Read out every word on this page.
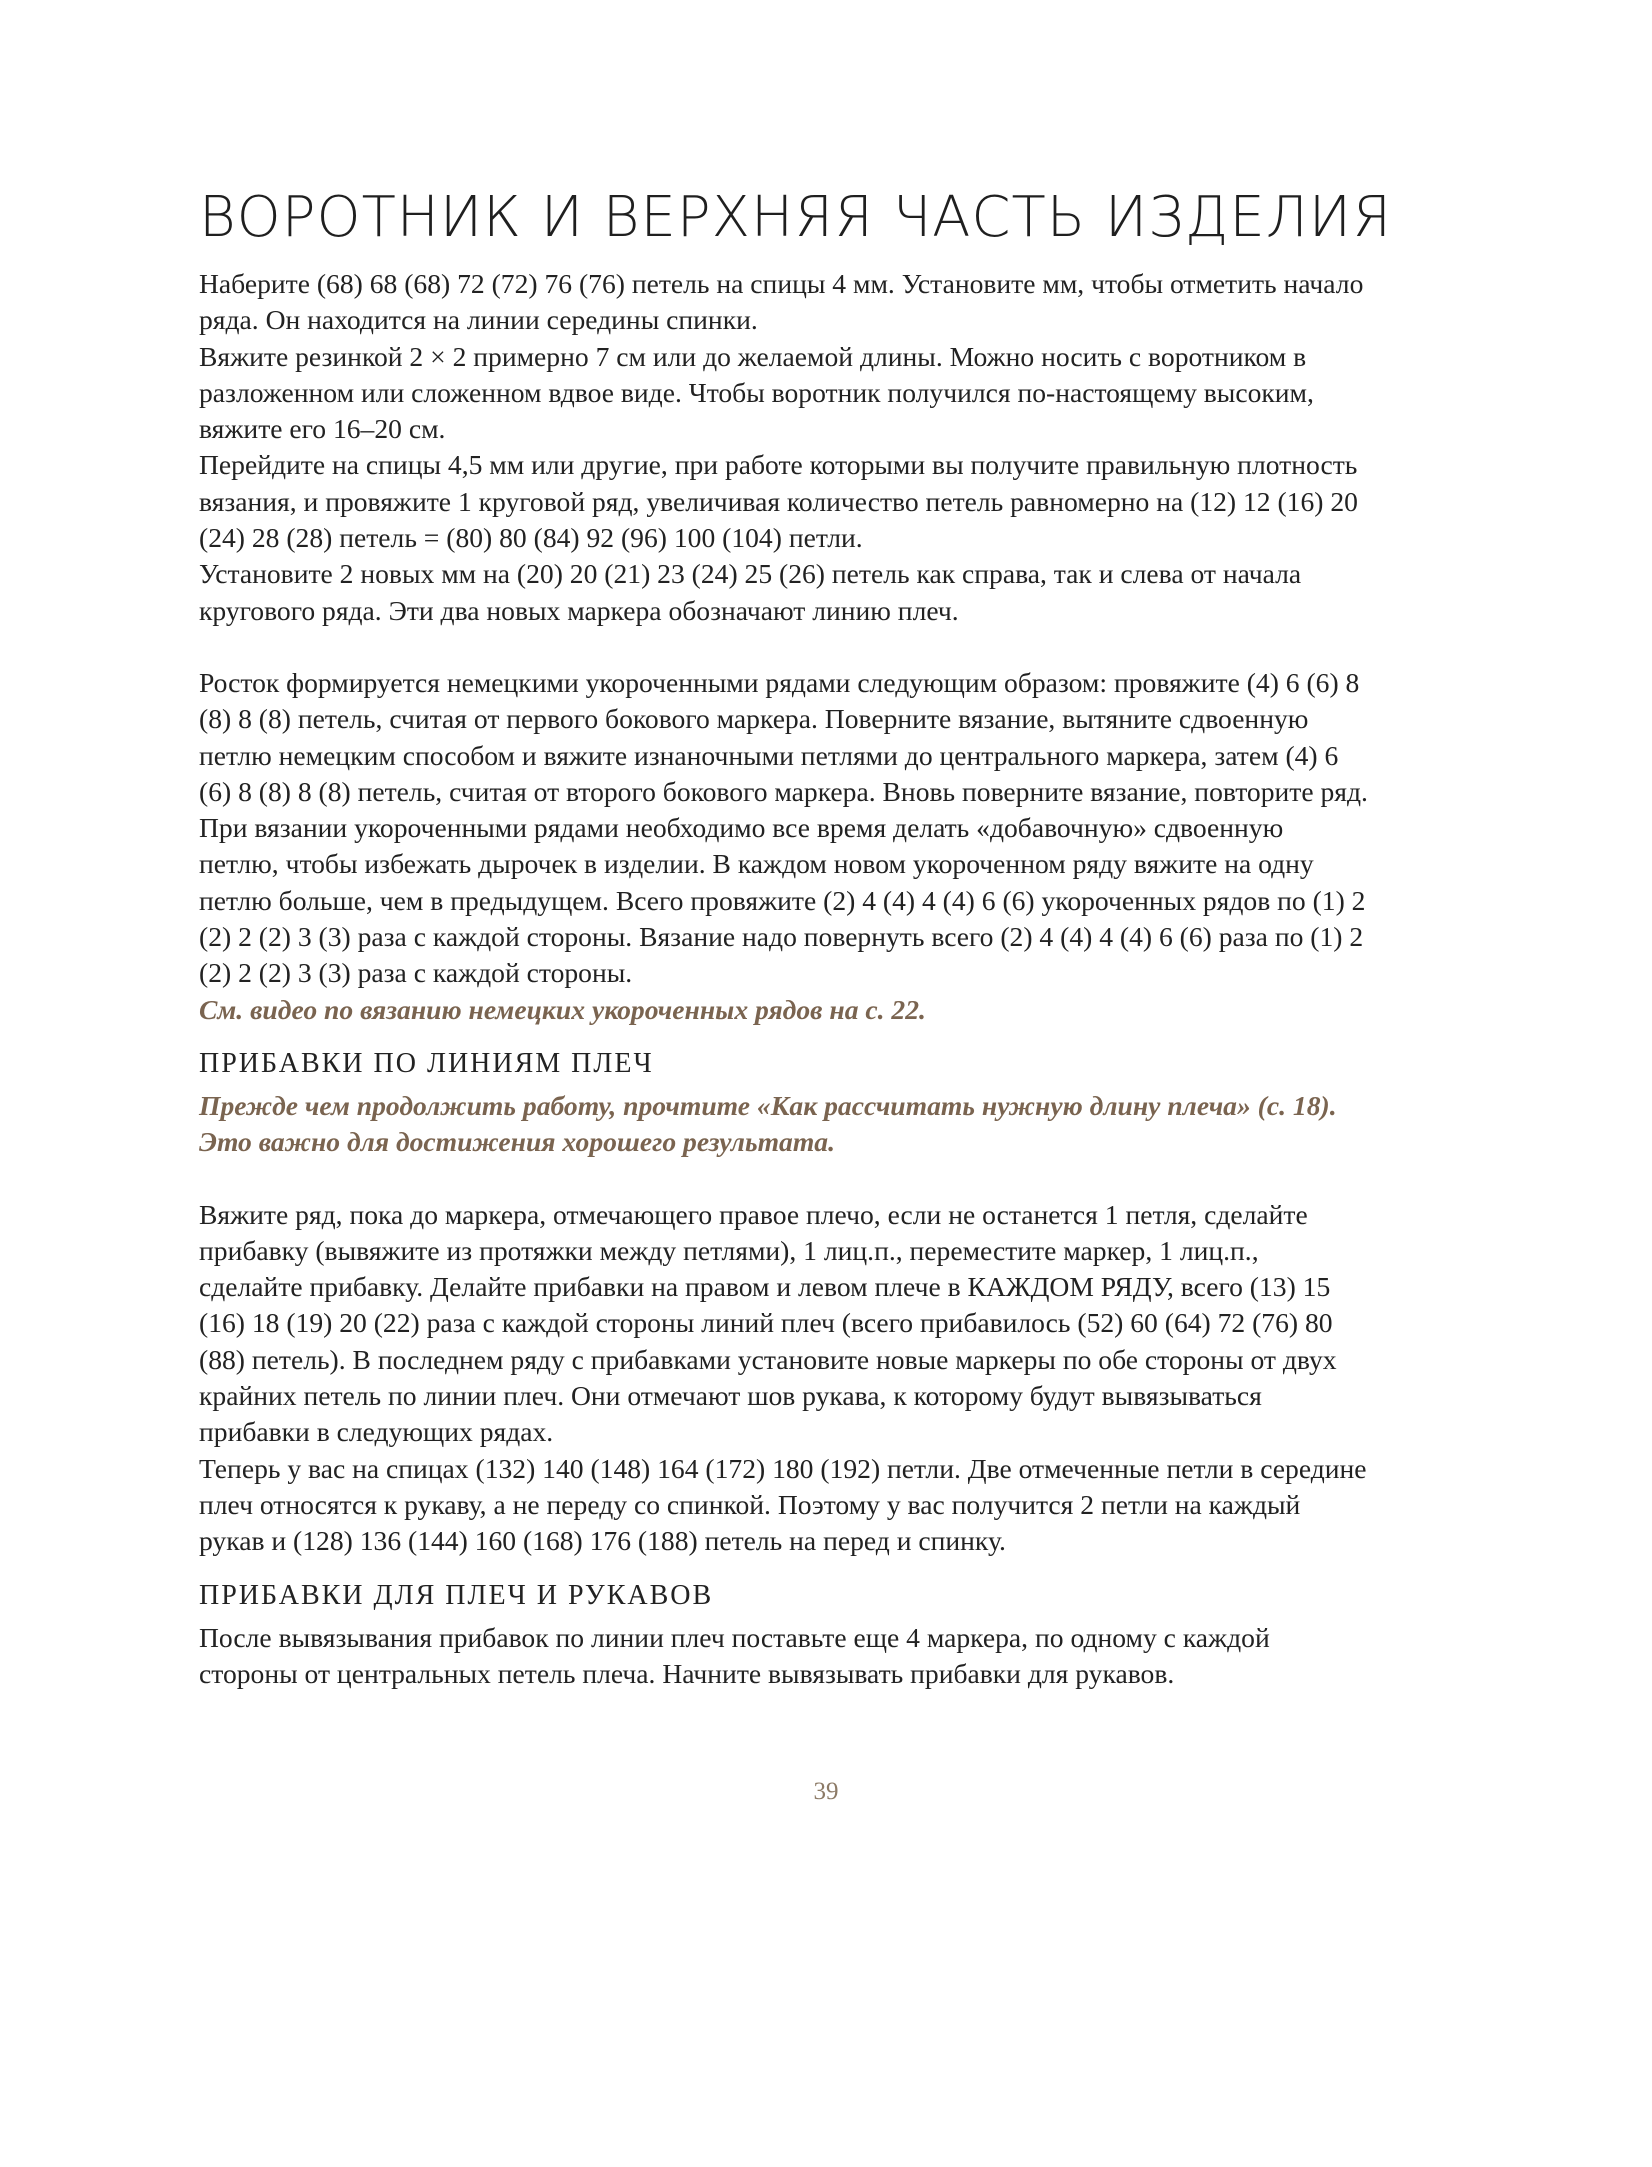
ВОРОТНИК И ВЕРХНЯЯ ЧАСТЬ ИЗДЕЛИЯ

Наберите (68) 68 (68) 72 (72) 76 (76) петель на спицы 4 мм. Установите мм, чтобы отметить начало ряда. Он находится на линии середины спинки.

Вяжите резинкой 2 × 2 примерно 7 см или до желаемой длины. Можно носить с воротником в разложенном или сложенном вдвое виде. Чтобы воротник получился по-настоящему высоким, вяжите его 16–20 см.

Перейдите на спицы 4,5 мм или другие, при работе которыми вы получите правильную плотность вязания, и провяжите 1 круговой ряд, увеличивая количество петель равномерно на (12) 12 (16) 20 (24) 28 (28) петель = (80) 80 (84) 92 (96) 100 (104) петли.

Установите 2 новых мм на (20) 20 (21) 23 (24) 25 (26) петель как справа, так и слева от начала кругового ряда. Эти два новых маркера обозначают линию плеч.

Росток формируется немецкими укороченными рядами следующим образом: провяжите (4) 6 (6) 8 (8) 8 (8) петель, считая от первого бокового маркера. Поверните вязание, вытяните сдвоенную петлю немецким способом и вяжите изнаночными петлями до центрального маркера, затем (4) 6 (6) 8 (8) 8 (8) петель, считая от второго бокового маркера. Вновь поверните вязание, повторите ряд. При вязании укороченными рядами необходимо все время делать «добавочную» сдвоенную петлю, чтобы избежать дырочек в изделии. В каждом новом укороченном ряду вяжите на одну петлю больше, чем в предыдущем. Всего провяжите (2) 4 (4) 4 (4) 6 (6) укороченных рядов по (1) 2 (2) 2 (2) 3 (3) раза с каждой стороны. Вязание надо повернуть всего (2) 4 (4) 4 (4) 6 (6) раза по (1) 2 (2) 2 (2) 3 (3) раза с каждой стороны.

См. видео по вязанию немецких укороченных рядов на с. 22.

ПРИБАВКИ ПО ЛИНИЯМ ПЛЕЧ

Прежде чем продолжить работу, прочтите «Как рассчитать нужную длину плеча» (с. 18). Это важно для достижения хорошего результата.

Вяжите ряд, пока до маркера, отмечающего правое плечо, если не останется 1 петля, сделайте прибавку (вывяжите из протяжки между петлями), 1 лиц.п., переместите маркер, 1 лиц.п., сделайте прибавку. Делайте прибавки на правом и левом плече в КАЖДОМ РЯДУ, всего (13) 15 (16) 18 (19) 20 (22) раза с каждой стороны линий плеч (всего прибавилось (52) 60 (64) 72 (76) 80 (88) петель). В последнем ряду с прибавками установите новые маркеры по обе стороны от двух крайних петель по линии плеч. Они отмечают шов рукава, к которому будут вывязываться прибавки в следующих рядах.

Теперь у вас на спицах (132) 140 (148) 164 (172) 180 (192) петли. Две отмеченные петли в середине плеч относятся к рукаву, а не переду со спинкой. Поэтому у вас получится 2 петли на каждый рукав и (128) 136 (144) 160 (168) 176 (188) петель на перед и спинку.

ПРИБАВКИ ДЛЯ ПЛЕЧ И РУКАВОВ

После вывязывания прибавок по линии плеч поставьте еще 4 маркера, по одному с каждой стороны от центральных петель плеча. Начните вывязывать прибавки для рукавов.

39
